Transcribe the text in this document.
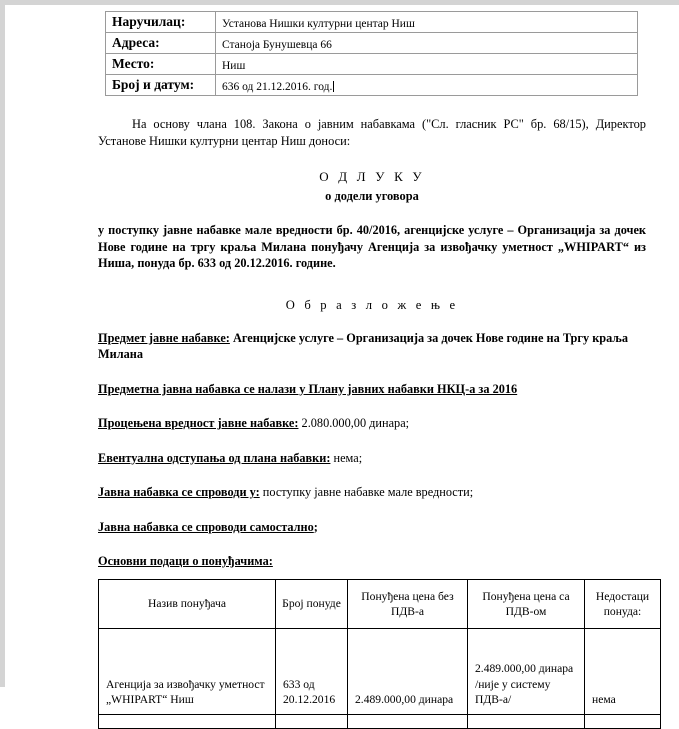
Наручилац:	Установа Нишки културни центар Ниш
Адреса:	Станоја Бунушевца 66
Место:	Ниш
Број и датум:	636 од 21.12.2016. год.

На основу члана 108. Закона о јавним набавкама ("Сл. гласник РС" бр. 68/15), Директор Установе Нишки културни центар Ниш доноси:

О Д Л У К У

о додели уговора

у поступку јавне набавке мале вредности бр. 40/2016, агенцијске услуге – Организација за дочек Нове године на тргу краља Милана понуђачу Агенција за извођачку уметност „WHIPART“ из Ниша, понуда бр. 633 од 20.12.2016. године.

О б р а з л о ж е њ е

Предмет јавне набавке: Агенцијске услуге – Организација за дочек Нове године на Тргу краља Милана

Предметна јавна набавка се налази у Плану јавних набавки НКЦ-а за 2016

Процењена вредност јавне набавке: 2.080.000,00 динара;

Евентуална одступања од плана набавки: нема;

Јавна набавка се спроводи у: поступку јавне набавке мале вредности;

Јавна набавка се спроводи самостално;

Основни подаци о понуђачима:

Назив понуђача	Број понуде	Понуђена цена без ПДВ-а	Понуђена цена са ПДВ-ом	Недостаци понуда:
Агенција за извођачку уметност „WHIPART“ Ниш	633 од 20.12.2016	2.489.000,00 динара	2.489.000,00 динара /није у систему ПДВ-а/	нема
